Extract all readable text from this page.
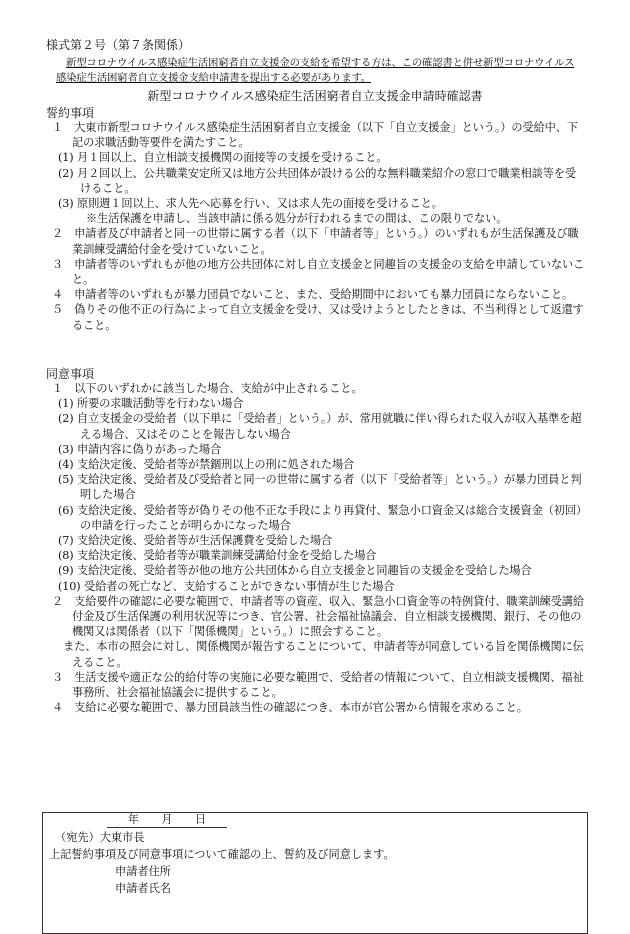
様式第２号（第７条関係）
新型コロナウイルス感染症生活困窮者自立支援金の支給を希望する方は、この確認書と併せ新型コロナウイルス感染症生活困窮者自立支援金支給申請書を提出する必要があります。
新型コロナウイルス感染症生活困窮者自立支援金申請時確認書
誓約事項

１　大東市新型コロナウイルス感染症生活困窮者自立支援金（以下「自立支援金」という。）の受給中、下記の求職活動等要件を満たすこと。

(1) 月１回以上、自立相談支援機関の面接等の支援を受けること。

(2) 月２回以上、公共職業安定所又は地方公共団体が設ける公的な無料職業紹介の窓口で職業相談等を受けること。

(3) 原則週１回以上、求人先へ応募を行い、又は求人先の面接を受けること。

※生活保護を申請し、当該申請に係る処分が行われるまでの間は、この限りでない。

２　申請者及び申請者と同一の世帯に属する者（以下「申請者等」という。）のいずれもが生活保護及び職業訓練受講給付金を受けていないこと。

３　申請者等のいずれもが他の地方公共団体に対し自立支援金と同趣旨の支援金の支給を申請していないこと。

４　申請者等のいずれもが暴力団員でないこと、また、受給期間中においても暴力団員にならないこと。

５　偽りその他不正の行為によって自立支援金を受け、又は受けようとしたときは、不当利得として返還すること。

同意事項

１　以下のいずれかに該当した場合、支給が中止されること。

(1) 所要の求職活動等を行わない場合

(2) 自立支援金の受給者（以下単に「受給者」という。）が、常用就職に伴い得られた収入が収入基準を超える場合、又はそのことを報告しない場合

(3) 申請内容に偽りがあった場合

(4) 支給決定後、受給者等が禁錮刑以上の刑に処された場合

(5) 支給決定後、受給者及び受給者と同一の世帯に属する者（以下「受給者等」という。）が暴力団員と判明した場合

(6) 支給決定後、受給者等が偽りその他不正な手段により再貸付、緊急小口資金又は総合支援資金（初回）の申請を行ったことが明らかになった場合

(7) 支給決定後、受給者等が生活保護費を受給した場合

(8) 支給決定後、受給者等が職業訓練受講給付金を受給した場合

(9) 支給決定後、受給者等が他の地方公共団体から自立支援金と同趣旨の支援金を受給した場合

(10) 受給者の死亡など、支給することができない事情が生じた場合

２　支給要件の確認に必要な範囲で、申請者等の資産、収入、緊急小口資金等の特例貸付、職業訓練受講給付金及び生活保護の利用状況等につき、官公署、社会福祉協議会、自立相談支援機関、銀行、その他の機関又は関係者（以下「関係機関」という。）に照会すること。

　また、本市の照会に対し、関係機関が報告することについて、申請者等が同意している旨を関係機関に伝えること。

３　生活支援や適正な公的給付等の実施に必要な範囲で、受給者の情報について、自立相談支援機関、福祉事務所、社会福祉協議会に提供すること。

４　支給に必要な範囲で、暴力団員該当性の確認につき、本市が官公署から情報を求めること。

年　　月　　日
（宛先）大東市長
上記誓約事項及び同意事項について確認の上、誓約及び同意します。
申請者住所
申請者氏名
